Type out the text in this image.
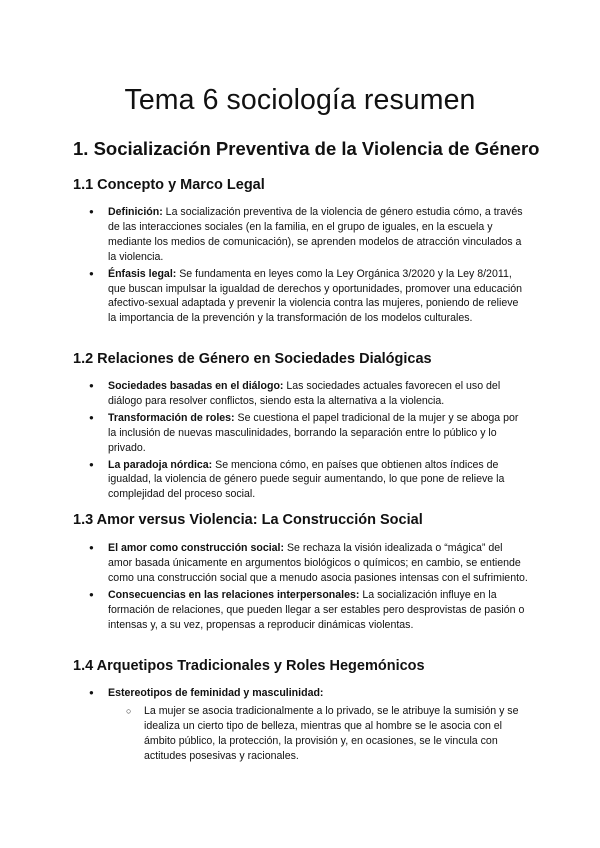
Tema 6 sociología resumen
1. Socialización Preventiva de la Violencia de Género
1.1 Concepto y Marco Legal
● Definición: La socialización preventiva de la violencia de género estudia cómo, a través de las interacciones sociales (en la familia, en el grupo de iguales, en la escuela y mediante los medios de comunicación), se aprenden modelos de atracción vinculados a la violencia.
● Énfasis legal: Se fundamenta en leyes como la Ley Orgánica 3/2020 y la Ley 8/2011, que buscan impulsar la igualdad de derechos y oportunidades, promover una educación afectivo-sexual adaptada y prevenir la violencia contra las mujeres, poniendo de relieve la importancia de la prevención y la transformación de los modelos culturales.
1.2 Relaciones de Género en Sociedades Dialógicas
● Sociedades basadas en el diálogo: Las sociedades actuales favorecen el uso del diálogo para resolver conflictos, siendo esta la alternativa a la violencia.
● Transformación de roles: Se cuestiona el papel tradicional de la mujer y se aboga por la inclusión de nuevas masculinidades, borrando la separación entre lo público y lo privado.
● La paradoja nórdica: Se menciona cómo, en países que obtienen altos índices de igualdad, la violencia de género puede seguir aumentando, lo que pone de relieve la complejidad del proceso social.
1.3 Amor versus Violencia: La Construcción Social
● El amor como construcción social: Se rechaza la visión idealizada o “mágica” del amor basada únicamente en argumentos biológicos o químicos; en cambio, se entiende como una construcción social que a menudo asocia pasiones intensas con el sufrimiento.
● Consecuencias en las relaciones interpersonales: La socialización influye en la formación de relaciones, que pueden llegar a ser estables pero desprovistas de pasión o intensas y, a su vez, propensas a reproducir dinámicas violentas.
1.4 Arquetipos Tradicionales y Roles Hegemónicos
● Estereotipos de feminidad y masculinidad:
○ La mujer se asocia tradicionalmente a lo privado, se le atribuye la sumisión y se idealiza un cierto tipo de belleza, mientras que al hombre se le asocia con el ámbito público, la protección, la provisión y, en ocasiones, se le vincula con actitudes posesivas y racionales.
